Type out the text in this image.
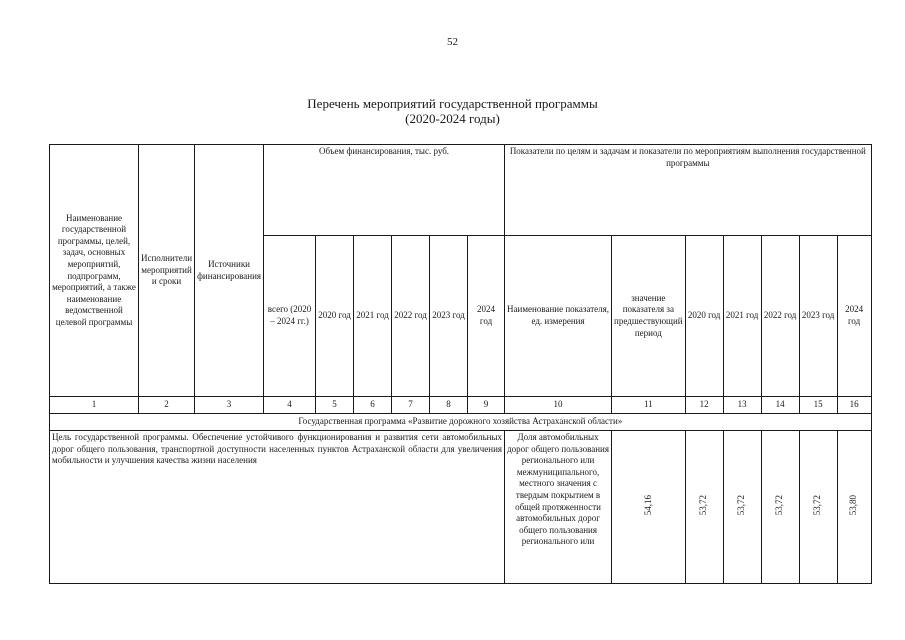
52
Перечень мероприятий государственной программы
(2020-2024 годы)
Наименование государственной программы, целей, задач, основных мероприятий, подпрограмм, мероприятий, а также наименование ведомственной целевой программы	Исполнители мероприятий и сроки	Источники финансирования	Объем финансирования, тыс. руб.						Показатели по целям и задачам и показатели по мероприятиям выполнения государственной программы						
			всего (2020 – 2024 гг.)	2020 год	2021 год	2022 год	2023 год	2024 год	Наименование показателя, ед. измерения	значение показателя за предшествующий период	2020 год	2021 год	2022 год	2023 год	2024 год
1	2	3	4	5	6	7	8	9	10	11	12	13	14	15	16
Государственная программа «Развитие дорожного хозяйства Астраханской области»															
Цель государственной программы. Обеспечение устойчивого функционирования и развития сети автомобильных дорог общего пользования, транспортной доступности населенных пунктов Астраханской области для увеличения мобильности и улучшения качества жизни населения									Доля автомобильных дорог общего пользования регионального или межмуниципального, местного значения с твердым покрытием в общей протяженности автомобильных дорог общего пользования регионального или	54,16	53,72	53,72	53,72	53,72	53,80
